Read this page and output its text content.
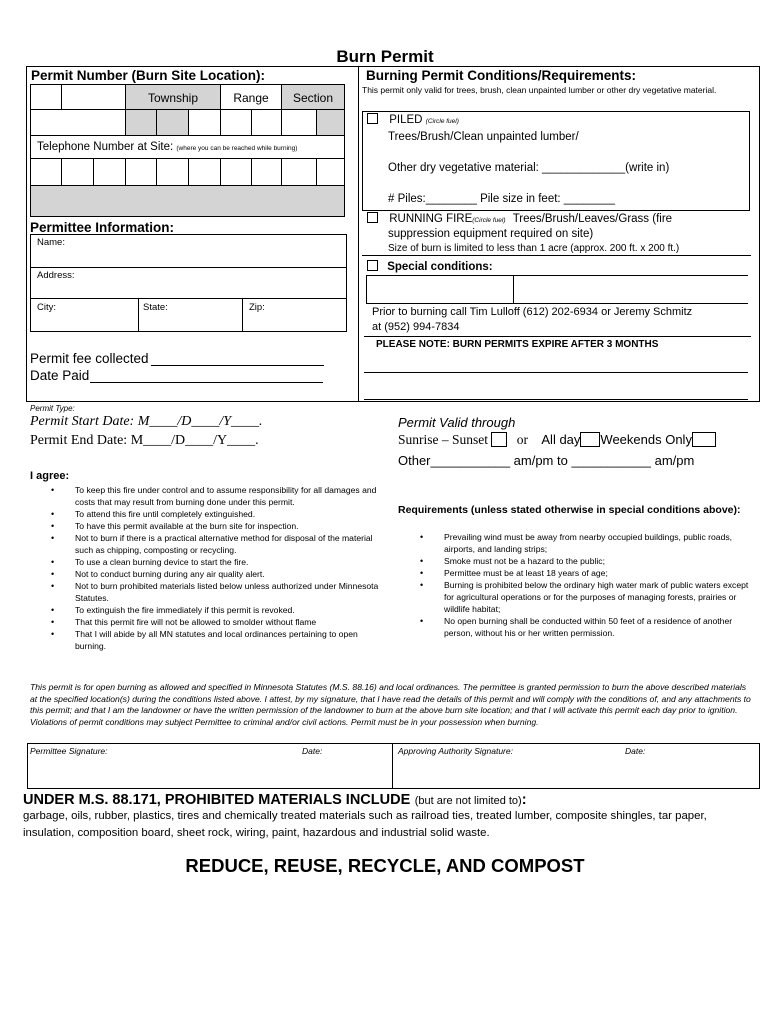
Burn Permit
Permit Number (Burn Site Location):
Township	Range	Section
Telephone Number at Site: (where you can be reached while burning)
Permittee Information:
Name:
Address:
City:	State:	Zip:
Permit fee collected
Date Paid
Burning Permit Conditions/Requirements:
This permit only valid for trees, brush, clean unpainted lumber or other dry vegetative material.
PILED (Circle fuel)
Trees/Brush/Clean unpainted lumber/
Other dry vegetative material: _____________(write in)
# Piles:________ Pile size in feet: ________
RUNNING FIRE(Circle fuel) Trees/Brush/Leaves/Grass (fire
suppression equipment required on site)
Size of burn is limited to less than 1 acre (approx. 200 ft. x 200 ft.)
Special conditions:
Prior to burning call Tim Lulloff (612) 202-6934 or Jeremy Schmitz
at (952) 994-7834
PLEASE NOTE: BURN PERMITS EXPIRE AFTER 3 MONTHS
Permit Type:
Permit Start Date: M____/D____/Y____.
Permit End Date: M____/D____/Y____.
Permit Valid through
Sunrise – Sunset or All day Weekends Only
Other___________ am/pm to ___________ am/pm
I agree:
• To keep this fire under control and to assume responsibility for all damages and costs that may result from burning done under this permit.
• To attend this fire until completely extinguished.
• To have this permit available at the burn site for inspection.
• Not to burn if there is a practical alternative method for disposal of the material such as chipping, composting or recycling.
• To use a clean burning device to start the fire.
• Not to conduct burning during any air quality alert.
• Not to burn prohibited materials listed below unless authorized under Minnesota Statutes.
• To extinguish the fire immediately if this permit is revoked.
• That this permit fire will not be allowed to smolder without flame
• That I will abide by all MN statutes and local ordinances pertaining to open burning.
Requirements (unless stated otherwise in special conditions above):
• Prevailing wind must be away from nearby occupied buildings, public roads, airports, and landing strips;
• Smoke must not be a hazard to the public;
• Permittee must be at least 18 years of age;
• Burning is prohibited below the ordinary high water mark of public waters except for agricultural operations or for the purposes of managing forests, prairies or wildlife habitat;
• No open burning shall be conducted within 50 feet of a residence of another person, without his or her written permission.
This permit is for open burning as allowed and specified in Minnesota Statutes (M.S. 88.16) and local ordinances. The permittee is granted permission to burn the above described materials at the specified location(s) during the conditions listed above. I attest, by my signature, that I have read the details of this permit and will comply with the conditions of, and any attachments to this permit; and that I am the landowner or have the written permission of the landowner to burn at the above burn site location; and that I will activate this permit each day prior to ignition. Violations of permit conditions may subject Permittee to criminal and/or civil actions. Permit must be in your possession when burning.
Permittee Signature:	Date:	Approving Authority Signature:	Date:
UNDER M.S. 88.171, PROHIBITED MATERIALS INCLUDE (but are not limited to):
garbage, oils, rubber, plastics, tires and chemically treated materials such as railroad ties, treated lumber, composite shingles, tar paper, insulation, composition board, sheet rock, wiring, paint, hazardous and industrial solid waste.
REDUCE, REUSE, RECYCLE, AND COMPOST
